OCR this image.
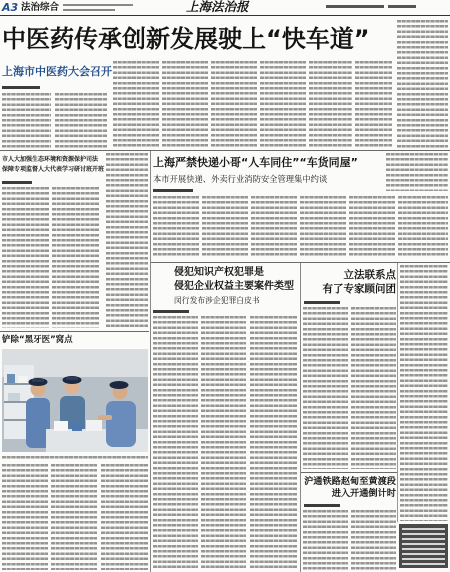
A3 法治综合	上海法治报
中医药传承创新发展驶上“快车道”
上海市中医药大会召开
市人大加强生态环境和资源保护司法
保障专项监督人大代表学习研讨班开班
铲除“黑牙医”窝点
上海严禁快递小哥“人车同住”“车货同屋”
本市开展快递、外卖行业消防安全管理集中约谈
侵犯知识产权犯罪是
侵犯企业权益主要案件类型
闵行发布涉企犯罪白皮书
立法联系点
有了专家顾问团
沪通铁路赵甸至黄渡段
进入开通倒计时
